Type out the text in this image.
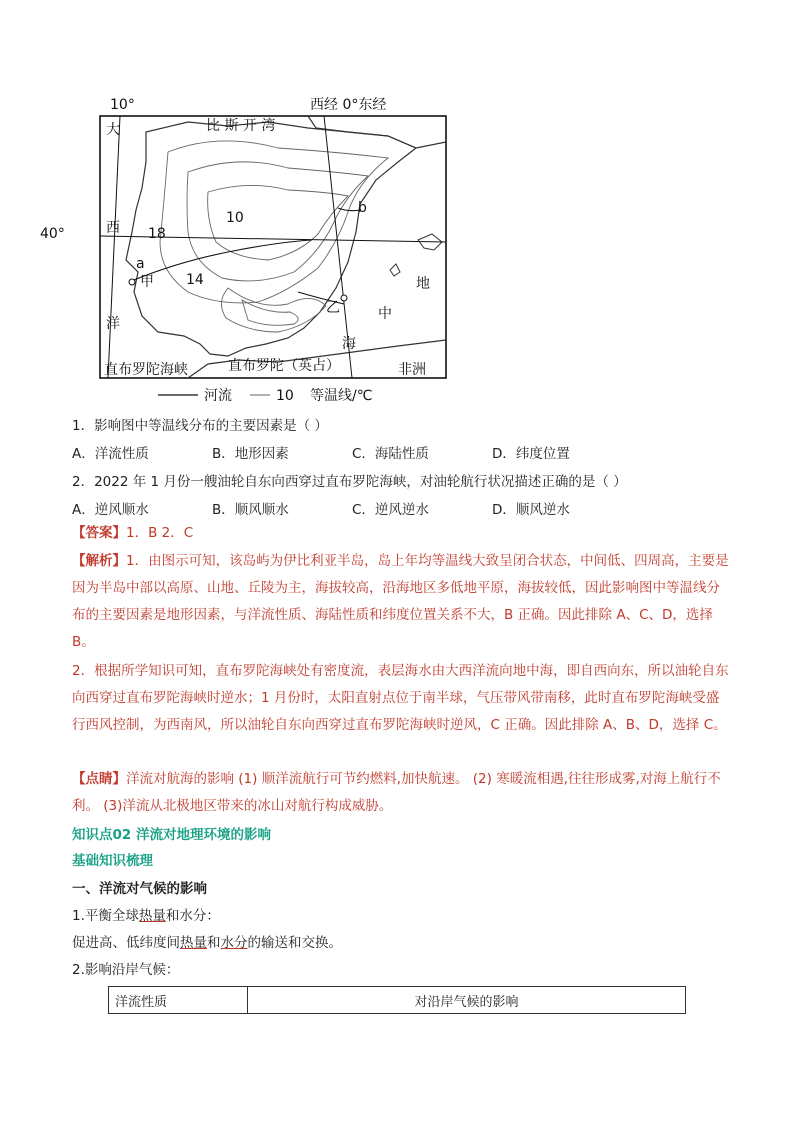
10°	西经 0°东经
40°
比 斯 开 湾
大
西
洋
地
中
海
10
18
14
a
b
甲
乙
直布罗陀海峡	直布罗陀（英占）	非洲
河流	10 等温线/℃
1．影响图中等温线分布的主要因素是（ ）
A．洋流性质	B．地形因素	C．海陆性质	D．纬度位置
2．2022 年 1 月份一艘油轮自东向西穿过直布罗陀海峡，对油轮航行状况描述正确的是（ ）
A．逆风顺水	B．顺风顺水	C．逆风逆水	D．顺风逆水
【答案】1．B 2．C
【解析】1．由图示可知，该岛屿为伊比利亚半岛，岛上年均等温线大致呈闭合状态，中间低、四周高，主要是因为半岛中部以高原、山地、丘陵为主，海拔较高，沿海地区多低地平原，海拔较低，因此影响图中等温线分布的主要因素是地形因素，与洋流性质、海陆性质和纬度位置关系不大，B 正确。因此排除 A、C、D，选择 B。
2．根据所学知识可知，直布罗陀海峡处有密度流，表层海水由大西洋流向地中海，即自西向东，所以油轮自东向西穿过直布罗陀海峡时逆水；1 月份时，太阳直射点位于南半球，气压带风带南移，此时直布罗陀海峡受盛行西风控制，为西南风，所以油轮自东向西穿过直布罗陀海峡时逆风，C 正确。因此排除 A、B、D，选择 C。
【点睛】洋流对航海的影响 (1) 顺洋流航行可节约燃料,加快航速。 (2) 寒暖流相遇,往往形成雾,对海上航行不利。 (3)洋流从北极地区带来的冰山对航行构成威胁。
知识点02 洋流对地理环境的影响
基础知识梳理
一、洋流对气候的影响
1.平衡全球热量和水分：
促进高、低纬度间热量和水分的输送和交换。
2.影响沿岸气候：
洋流性质	对沿岸气候的影响
